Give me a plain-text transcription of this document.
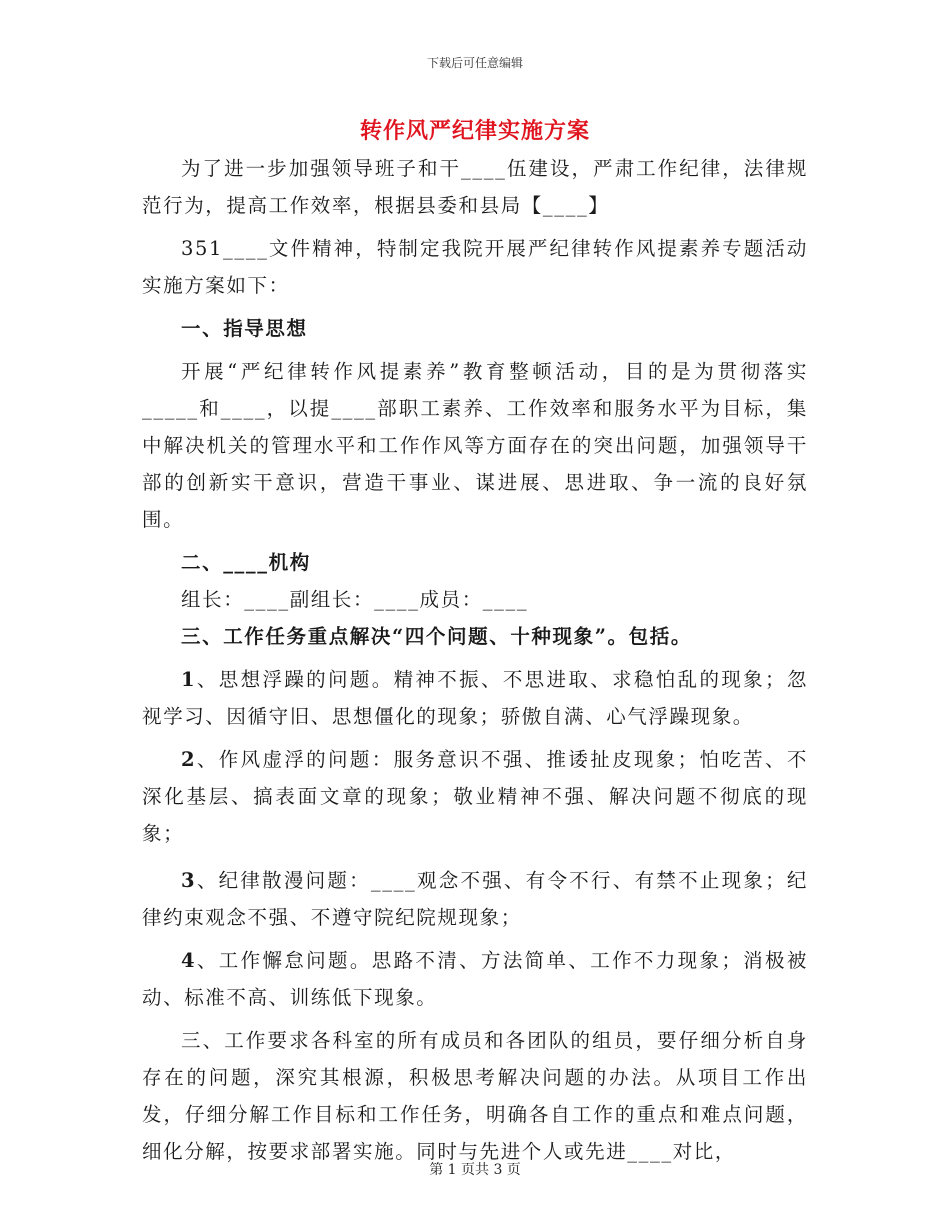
下载后可任意编辑
转作风严纪律实施方案

为了进一步加强领导班子和干____伍建设，严肃工作纪律，法律规范行为，提高工作效率，根据县委和县局【____】

351____文件精神，特制定我院开展严纪律转作风提素养专题活动实施方案如下：

一、指导思想

开展“严纪律转作风提素养”教育整顿活动，目的是为贯彻落实_____和____，以提____部职工素养、工作效率和服务水平为目标，集中解决机关的管理水平和工作作风等方面存在的突出问题，加强领导干部的创新实干意识，营造干事业、谋进展、思进取、争一流的良好氛围。

二、____机构

组长：____副组长：____成员：____

三、工作任务重点解决“四个问题、十种现象”。包括。

1、思想浮躁的问题。精神不振、不思进取、求稳怕乱的现象；忽视学习、因循守旧、思想僵化的现象；骄傲自满、心气浮躁现象。

2、作风虚浮的问题：服务意识不强、推诿扯皮现象；怕吃苦、不深化基层、搞表面文章的现象；敬业精神不强、解决问题不彻底的现象；

3、纪律散漫问题：____观念不强、有令不行、有禁不止现象；纪律约束观念不强、不遵守院纪院规现象；

4、工作懈怠问题。思路不清、方法简单、工作不力现象；消极被动、标准不高、训练低下现象。

三、工作要求各科室的所有成员和各团队的组员，要仔细分析自身存在的问题，深究其根源，积极思考解决问题的办法。从项目工作出发，仔细分解工作目标和工作任务，明确各自工作的重点和难点问题，细化分解，按要求部署实施。同时与先进个人或先进____对比，

第 1 页共 3 页
